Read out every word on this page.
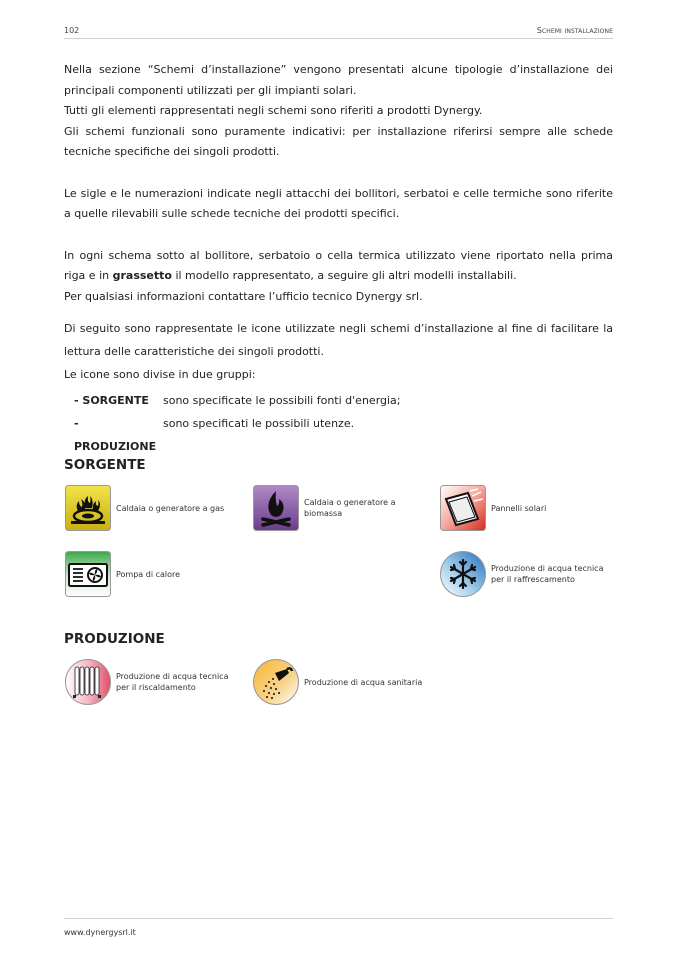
102	Schemi installazione

Nella sezione “Schemi d’installazione” vengono presentati alcune tipologie d’installazione dei principali componenti utilizzati per gli impianti solari.

Tutti gli elementi rappresentati negli schemi sono riferiti a prodotti Dynergy.

Gli schemi funzionali sono puramente indicativi: per installazione riferirsi sempre alle schede tecniche specifiche dei singoli prodotti.

Le sigle e le numerazioni indicate negli attacchi dei bollitori, serbatoi e celle termiche sono riferite a quelle rilevabili sulle schede tecniche dei prodotti specifici.

In ogni schema sotto al bollitore, serbatoio o cella termica utilizzato viene riportato nella prima riga e in grassetto il modello rappresentato, a seguire gli altri modelli installabili.

Per qualsiasi informazioni contattare l’ufficio tecnico Dynergy srl.

Di seguito sono rappresentate le icone utilizzate negli schemi d’installazione al fine di facilitare la lettura delle caratteristiche dei singoli prodotti.

Le icone sono divise in due gruppi:

- SORGENTE	sono specificate le possibili fonti d'energia;
- PRODUZIONE
sono specificati le possibili utenze.
SORGENTE
Caldaia o generatore a gas
Caldaia o generatore a
biomassa
Pannelli solari
Pompa di calore
Produzione di acqua tecnica
per il raffrescamento
PRODUZIONE
Produzione di acqua tecnica
per il riscaldamento
Produzione di acqua sanitaria
www.dynergysrl.it
